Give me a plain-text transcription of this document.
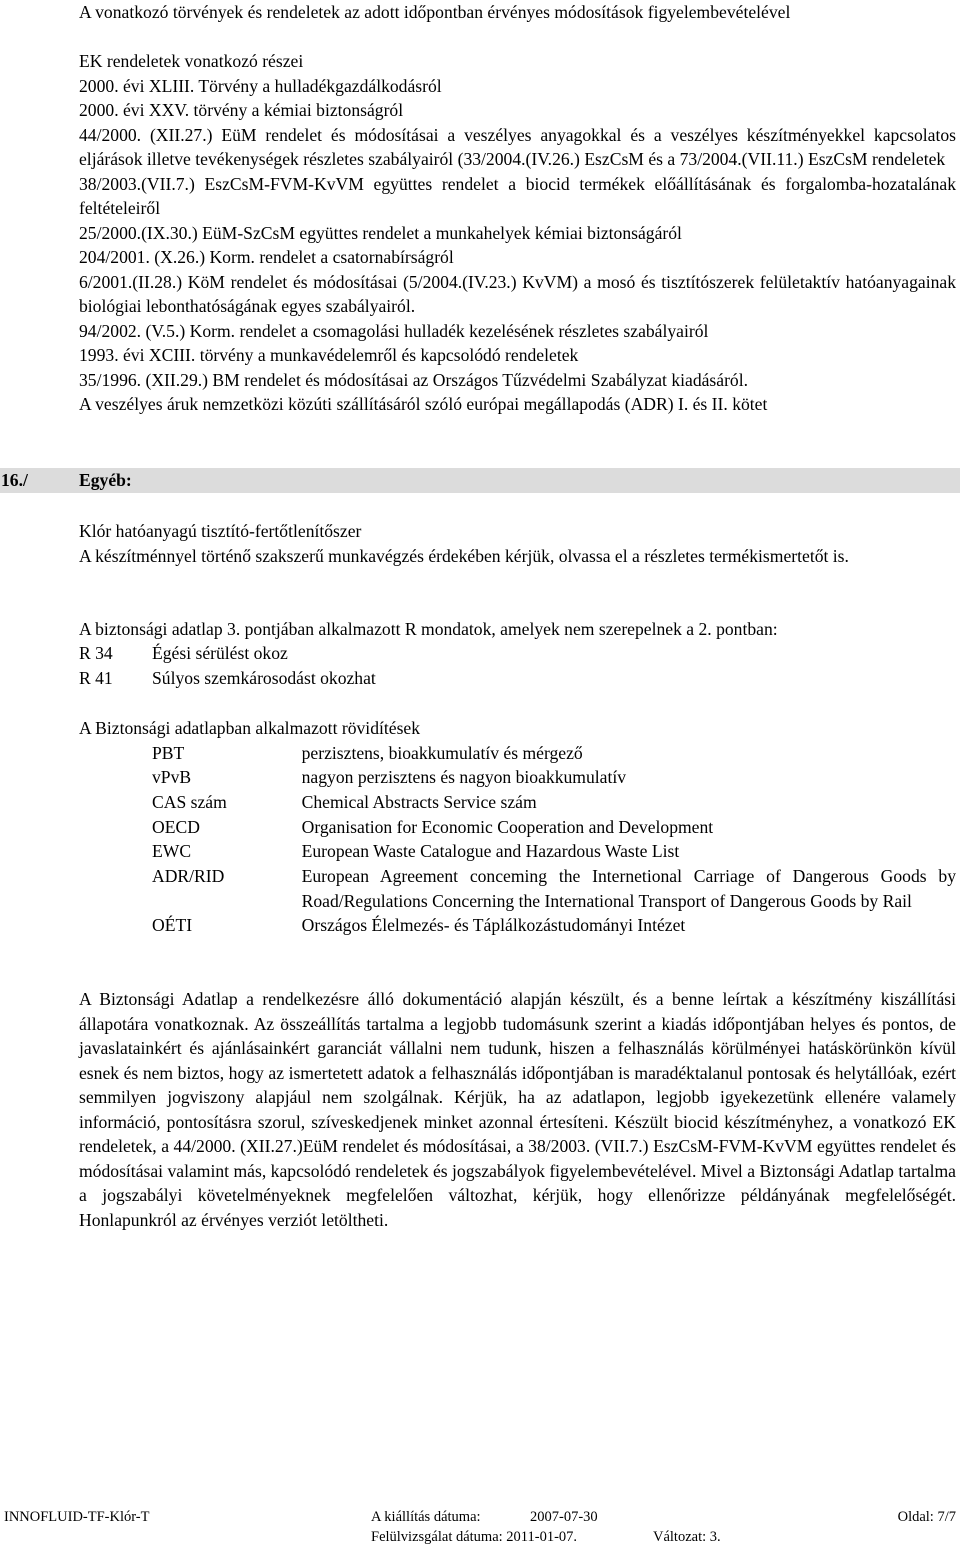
A vonatkozó törvények és rendeletek az adott időpontban érvényes módosítások figyelembevételével
EK rendeletek vonatkozó részei
2000. évi XLIII. Törvény a hulladékgazdálkodásról
2000. évi XXV. törvény a kémiai biztonságról

44/2000. (XII.27.) EüM rendelet és módosításai a veszélyes anyagokkal és a veszélyes készítményekkel kapcsolatos eljárások illetve tevékenységek részletes szabályairól (33/2004.(IV.26.) EszCsM és a 73/2004.(VII.11.) EszCsM rendeletek

38/2003.(VII.7.) EszCsM-FVM-KvVM együttes rendelet a biocid termékek előállításának és forgalomba-hozatalának feltételeiről

25/2000.(IX.30.) EüM-SzCsM együttes rendelet a munkahelyek kémiai biztonságáról

204/2001. (X.26.) Korm. rendelet a csatornabírságról

6/2001.(II.28.) KöM rendelet és módosításai (5/2004.(IV.23.) KvVM) a mosó és tisztítószerek felületaktív hatóanyagainak biológiai lebonthatóságának egyes szabályairól.

94/2002. (V.5.) Korm. rendelet a csomagolási hulladék kezelésének részletes szabályairól

1993. évi XCIII. törvény a munkavédelemről és kapcsolódó rendeletek

35/1996. (XII.29.) BM rendelet és módosításai az Országos Tűzvédelmi Szabályzat kiadásáról.

A veszélyes áruk nemzetközi közúti szállításáról szóló európai megállapodás (ADR) I. és II. kötet

16./	Egyéb:
Klór hatóanyagú tisztító-fertőtlenítőszer

A készítménnyel történő szakszerű munkavégzés érdekében kérjük, olvassa el a részletes termékismertetőt is.

A biztonsági adatlap 3. pontjában alkalmazott R mondatok, amelyek nem szerepelnek a 2. pontban:
R 34	Égési sérülést okoz
R 41	Súlyos szemkárosodást okozhat
A Biztonsági adatlapban alkalmazott rövidítések
PBT	perzisztens, bioakkumulatív és mérgező
vPvB	nagyon perzisztens és nagyon bioakkumulatív
CAS szám	Chemical Abstracts Service szám
OECD	Organisation for Economic Cooperation and Development
EWC	European Waste Catalogue and Hazardous Waste List
ADR/RID	European Agreement conceming the Internetional Carriage of Dangerous Goods by Road/Regulations Concerning the International Transport of Dangerous Goods by Rail
OÉTI	Országos Élelmezés- és Táplálkozástudományi Intézet

A Biztonsági Adatlap a rendelkezésre álló dokumentáció alapján készült, és a benne leírtak a készítmény kiszállítási állapotára vonatkoznak. Az összeállítás tartalma a legjobb tudomásunk szerint a kiadás időpontjában helyes és pontos, de javaslatainkért és ajánlásainkért garanciát vállalni nem tudunk, hiszen a felhasználás körülményei hatáskörünkön kívül esnek és nem biztos, hogy az ismertetett adatok a felhasználás időpontjában is maradéktalanul pontosak és helytállóak, ezért semmilyen jogviszony alapjául nem szolgálnak. Kérjük, ha az adatlapon, legjobb igyekezetünk ellenére valamely információ, pontosításra szorul, szíveskedjenek minket azonnal értesíteni. Készült biocid készítményhez, a vonatkozó EK rendeletek, a 44/2000. (XII.27.)EüM rendelet és módosításai, a 38/2003. (VII.7.) EszCsM-FVM-KvVM együttes rendelet és módosításai valamint más, kapcsolódó rendeletek és jogszabályok figyelembevételével. Mivel a Biztonsági Adatlap tartalma a jogszabályi követelményeknek megfelelően változhat, kérjük, hogy ellenőrizze példányának megfelelőségét. Honlapunkról az érvényes verziót letöltheti.

INNOFLUID-TF-Klór-T	A kiállítás dátuma:	2007-07-30	Oldal: 7/7
Felülvizsgálat dátuma: 2011-01-07.	Változat: 3.
